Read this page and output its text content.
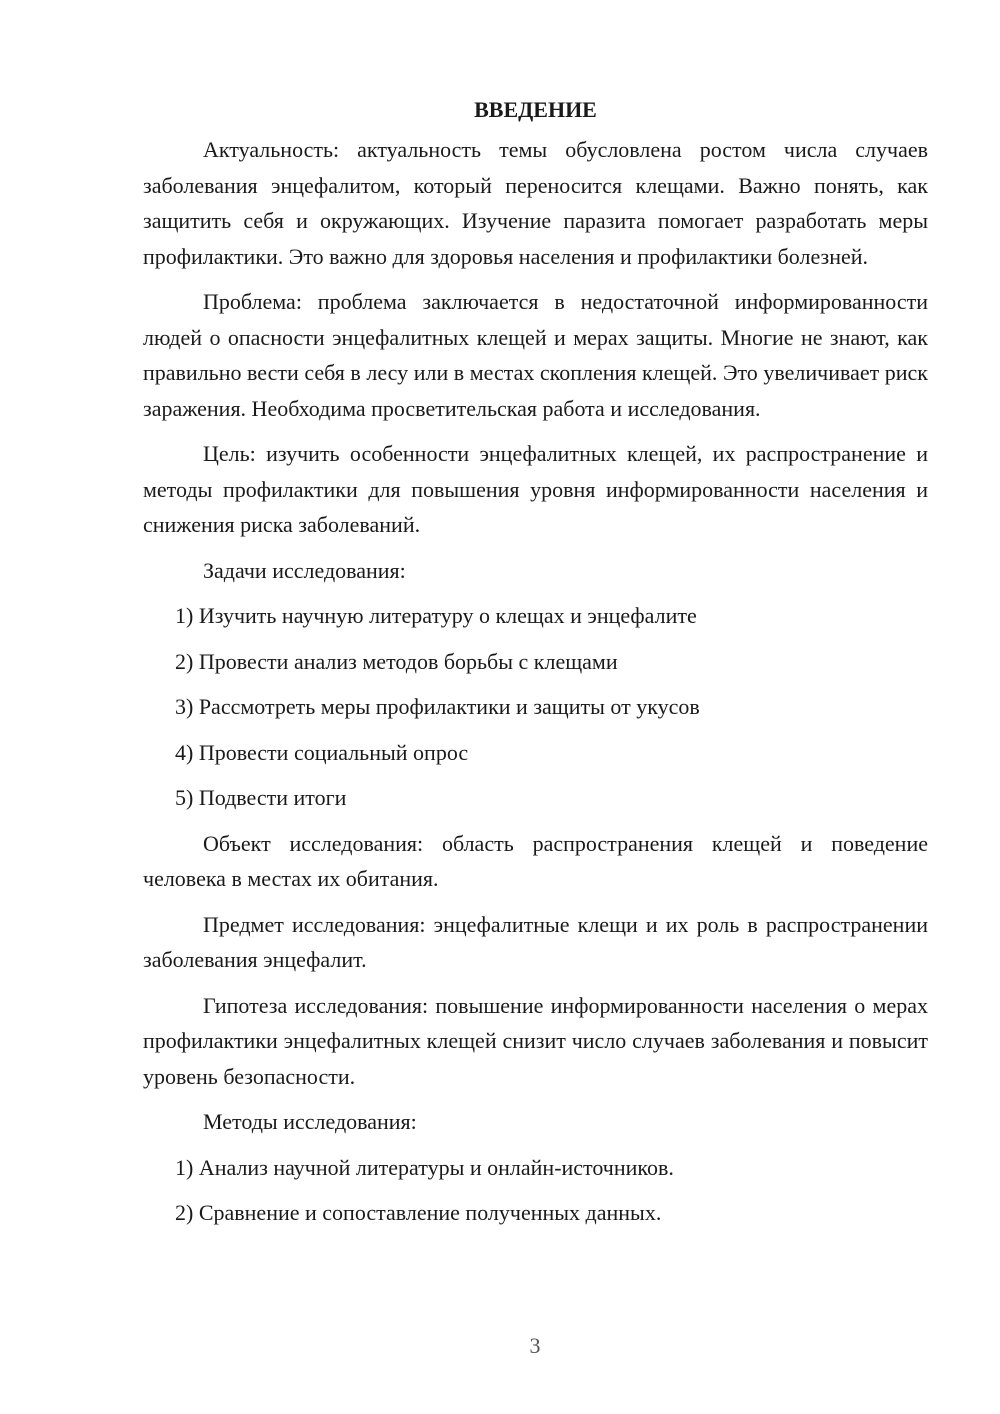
ВВЕДЕНИЕ

Актуальность: актуальность темы обусловлена ростом числа случаев заболевания энцефалитом, который переносится клещами. Важно понять, как защитить себя и окружающих. Изучение паразита помогает разработать меры профилактики. Это важно для здоровья населения и профилактики болезней.

Проблема: проблема заключается в недостаточной информированности людей о опасности энцефалитных клещей и мерах защиты. Многие не знают, как правильно вести себя в лесу или в местах скопления клещей. Это увеличивает риск заражения. Необходима просветительская работа и исследования.

Цель: изучить особенности энцефалитных клещей, их распространение и методы профилактики для повышения уровня информированности населения и снижения риска заболеваний.

Задачи исследования:

1) Изучить научную литературу о клещах и энцефалите
2) Провести анализ методов борьбы с клещами
3) Рассмотреть меры профилактики и защиты от укусов
4) Провести социальный опрос
5) Подвести итоги

Объект исследования: область распространения клещей и поведение человека в местах их обитания.

Предмет исследования: энцефалитные клещи и их роль в распространении заболевания энцефалит.

Гипотеза исследования: повышение информированности населения о мерах профилактики энцефалитных клещей снизит число случаев заболевания и повысит уровень безопасности.

Методы исследования:

1) Анализ научной литературы и онлайн-источников.
2) Сравнение и сопоставление полученных данных.
3
